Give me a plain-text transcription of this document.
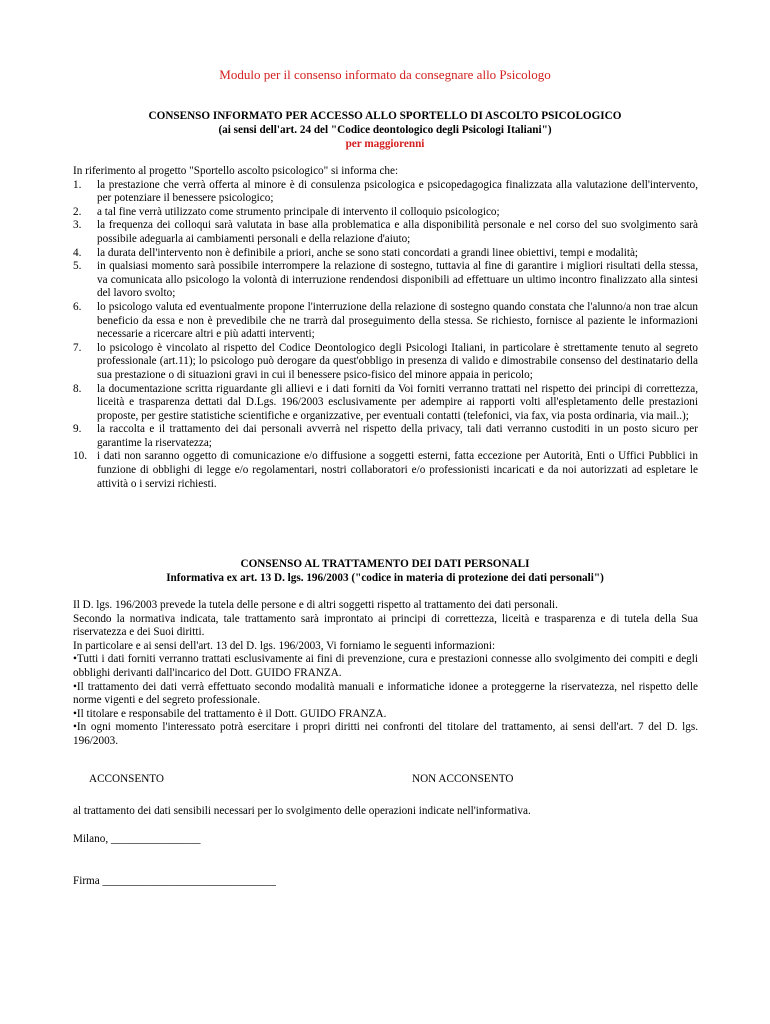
Modulo per il consenso informato da consegnare allo Psicologo
CONSENSO INFORMATO PER ACCESSO ALLO SPORTELLO DI ASCOLTO PSICOLOGICO
(ai sensi dell'art. 24 del "Codice deontologico degli Psicologi Italiani")
per maggiorenni
In riferimento al progetto "Sportello ascolto psicologico" si informa che:
1. la prestazione che verrà offerta al minore è di consulenza psicologica e psicopedagogica finalizzata alla valutazione dell'intervento, per potenziare il benessere psicologico;
2. a tal fine verrà utilizzato come strumento principale di intervento il colloquio psicologico;
3. la frequenza dei colloqui sarà valutata in base alla problematica e alla disponibilità personale e nel corso del suo svolgimento sarà possibile adeguarla ai cambiamenti personali e della relazione d'aiuto;
4. la durata dell'intervento non è definibile a priori, anche se sono stati concordati a grandi linee obiettivi, tempi e modalità;
5. in qualsiasi momento sarà possibile interrompere la relazione di sostegno, tuttavia al fine di garantire i migliori risultati della stessa, va comunicata allo psicologo la volontà di interruzione rendendosi disponibili ad effettuare un ultimo incontro finalizzato alla sintesi del lavoro svolto;
6. lo psicologo valuta ed eventualmente propone l'interruzione della relazione di sostegno quando constata che l'alunno/a non trae alcun beneficio da essa e non è prevedibile che ne trarrà dal proseguimento della stessa. Se richiesto, fornisce al paziente le informazioni necessarie a ricercare altri e più adatti interventi;
7. lo psicologo è vincolato al rispetto del Codice Deontologico degli Psicologi Italiani, in particolare è strettamente tenuto al segreto professionale (art.11); lo psicologo può derogare da quest'obbligo in presenza di valido e dimostrabile consenso del destinatario della sua prestazione o di situazioni gravi in cui il benessere psico-fisico del minore appaia in pericolo;
8. la documentazione scritta riguardante gli allievi e i dati forniti da Voi forniti verranno trattati nel rispetto dei principi di correttezza, liceità e trasparenza dettati dal D.Lgs. 196/2003 esclusivamente per adempire ai rapporti volti all'espletamento delle prestazioni proposte, per gestire statistiche scientifiche e organizzative, per eventuali contatti (telefonici, via fax, via posta ordinaria, via mail..);
9. la raccolta e il trattamento dei dai personali avverrà nel rispetto della privacy, tali dati verranno custoditi in un posto sicuro per garantime la riservatezza;
10. i dati non saranno oggetto di comunicazione e/o diffusione a soggetti esterni, fatta eccezione per Autorità, Enti o Uffici Pubblici in funzione di obblighi di legge e/o regolamentari, nostri collaboratori e/o professionisti incaricati e da noi autorizzati ad espletare le attività o i servizi richiesti.
CONSENSO AL TRATTAMENTO DEI DATI PERSONALI
Informativa ex art. 13 D. lgs. 196/2003 ("codice in materia di protezione dei dati personali")

Il D. lgs. 196/2003 prevede la tutela delle persone e di altri soggetti rispetto al trattamento dei dati personali.

Secondo la normativa indicata, tale trattamento sarà improntato ai principi di correttezza, liceità e trasparenza e di tutela della Sua riservatezza e dei Suoi diritti.

In particolare e ai sensi dell'art. 13 del D. lgs. 196/2003, Vi forniamo le seguenti informazioni:

•Tutti i dati forniti verranno trattati esclusivamente ai fini di prevenzione, cura e prestazioni connesse allo svolgimento dei compiti e degli obblighi derivanti dall'incarico del Dott. GUIDO FRANZA.

•Il trattamento dei dati verrà effettuato secondo modalità manuali e informatiche idonee a proteggerne la riservatezza, nel rispetto delle norme vigenti e del segreto professionale.

•Il titolare e responsabile del trattamento è il Dott. GUIDO FRANZA.

•In ogni momento l'interessato potrà esercitare i propri diritti nei confronti del titolare del trattamento, ai sensi dell'art. 7 del D. lgs. 196/2003.

ACCONSENTO	NON ACCONSENTO
al trattamento dei dati sensibili necessari per lo svolgimento delle operazioni indicate nell'informativa.
Milano, ________________
Firma _______________________________
